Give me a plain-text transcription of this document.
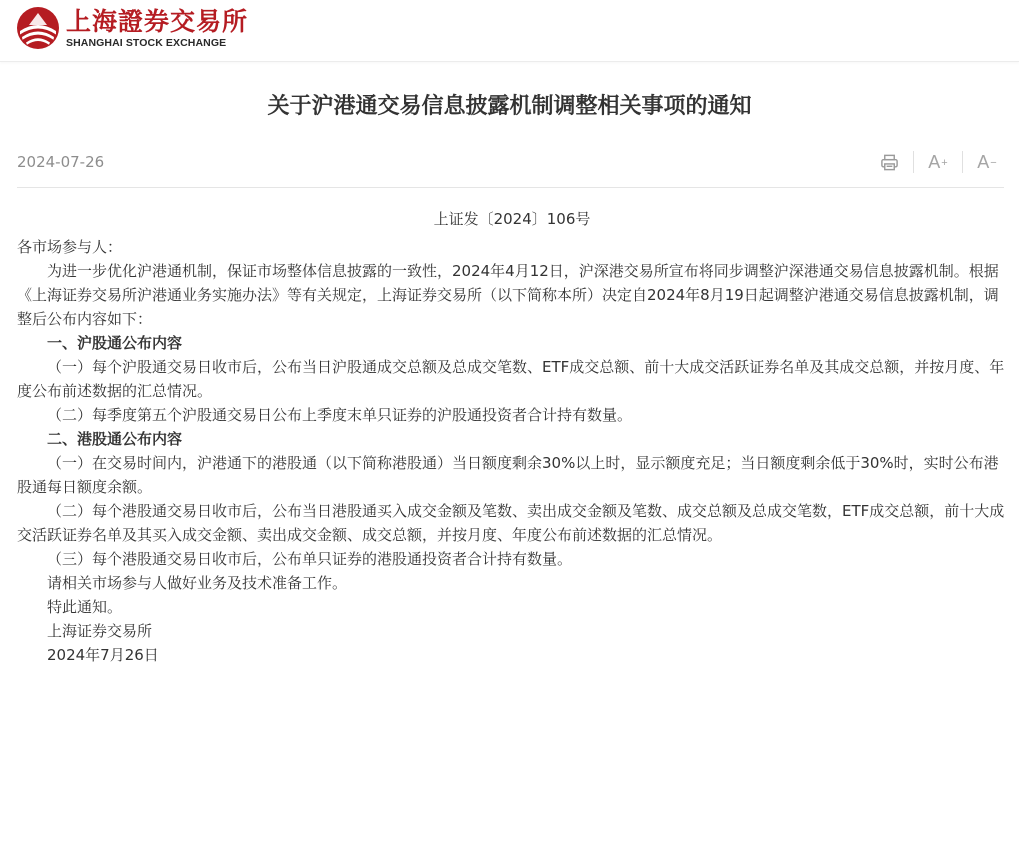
上海證券交易所
SHANGHAI STOCK EXCHANGE
关于沪港通交易信息披露机制调整相关事项的通知
2024-07-26	A+ A−

上证发〔2024〕106号

各市场参与人：

为进一步优化沪港通机制，保证市场整体信息披露的一致性，2024年4月12日，沪深港交易所宣布将同步调整沪深港通交易信息披露机制。根据《上海证券交易所沪港通业务实施办法》等有关规定，上海证券交易所（以下简称本所）决定自2024年8月19日起调整沪港通交易信息披露机制，调整后公布内容如下：

一、沪股通公布内容

（一）每个沪股通交易日收市后，公布当日沪股通成交总额及总成交笔数、ETF成交总额、前十大成交活跃证券名单及其成交总额，并按月度、年度公布前述数据的汇总情况。

（二）每季度第五个沪股通交易日公布上季度末单只证券的沪股通投资者合计持有数量。

二、港股通公布内容

（一）在交易时间内，沪港通下的港股通（以下简称港股通）当日额度剩余30%以上时，显示额度充足；当日额度剩余低于30%时，实时公布港股通每日额度余额。

（二）每个港股通交易日收市后，公布当日港股通买入成交金额及笔数、卖出成交金额及笔数、成交总额及总成交笔数，ETF成交总额，前十大成交活跃证券名单及其买入成交金额、卖出成交金额、成交总额，并按月度、年度公布前述数据的汇总情况。

（三）每个港股通交易日收市后，公布单只证券的港股通投资者合计持有数量。

请相关市场参与人做好业务及技术准备工作。

特此通知。

上海证券交易所

2024年7月26日
